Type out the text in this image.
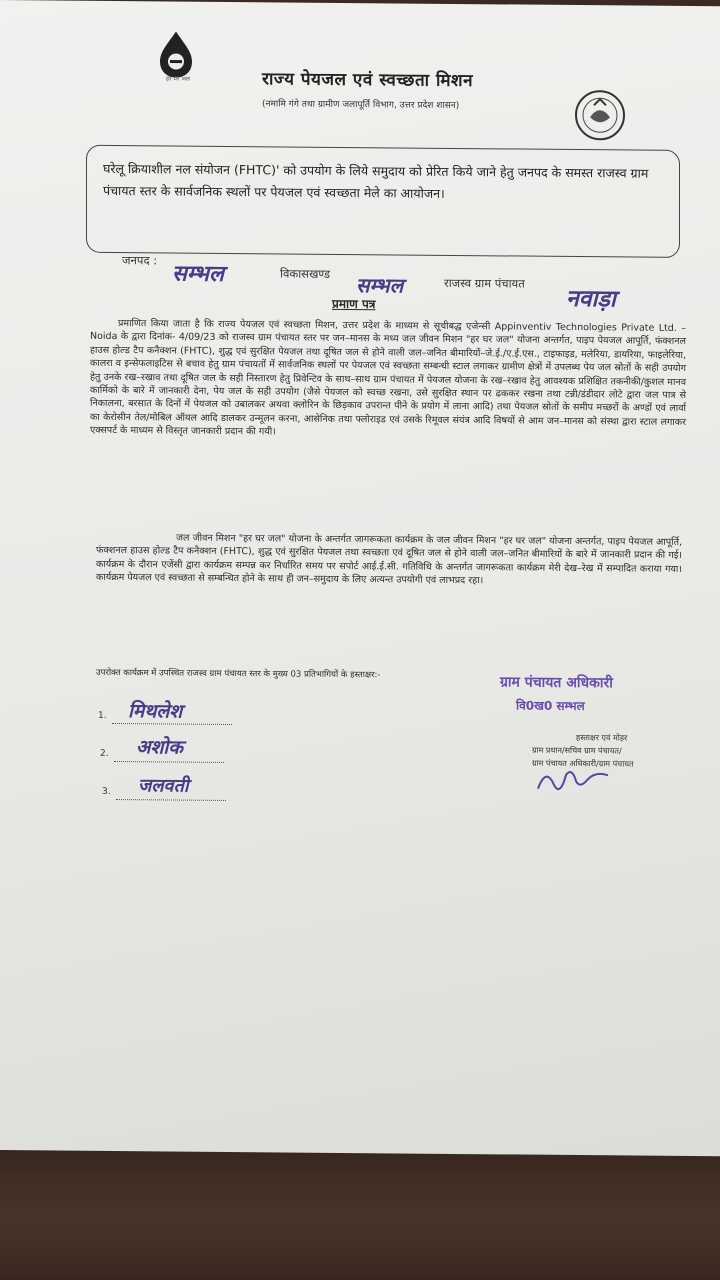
हर घर जल	राज्य पेयजल एवं स्वच्छता मिशन
(नमामि गंगे तथा ग्रामीण जलापूर्ति विभाग, उत्तर प्रदेश शासन)
घरेलू क्रियाशील नल संयोजन (FHTC)' को उपयोग के लिये समुदाय को प्रेरित किये जाने हेतु जनपद के समस्त राजस्व ग्राम पंचायत स्तर के सार्वजनिक स्थलों पर पेयजल एवं स्वच्छता मेले का आयोजन।
जनपद :
सम्भल	विकासखण्ड सम्भल	राजस्व ग्राम पंचायत
नवाड़ा
प्रमाण पत्र
प्रमाणित किया जाता है कि राज्य पेयजल एवं स्वच्छता मिशन, उत्तर प्रदेश के माध्यम से सूचीबद्ध एजेन्सी Appinventiv Technologies Private Ltd. – Noida के द्वारा दिनांक- 4/09/23 को राजस्व ग्राम पंचायत स्तर पर जन–मानस के मध्य जल जीवन मिशन "हर घर जल" योजना अन्तर्गत, पाइप पेयजल आपूर्ति, फंक्शनल हाउस होल्ड टैप कनैक्शन (FHTC), शुद्ध एवं सुरक्षित पेयजल तथा दूषित जल से होने वाली जल–जनित बीमारियों–जे.ई./ए.ई.एस., टाइफाइड, मलेरिया, डायरिया, फाइलेरिया, कालरा व इन्सेफलाइटिस से बचाव हेतु ग्राम पंचायतों में सार्वजनिक स्थलों पर पेयजल एवं स्वच्छता सम्बन्धी स्टाल लगाकर ग्रामीण क्षेत्रों में उपलब्ध पेय जल स्रोतों के सही उपयोग हेतु उनके रख–रखाव तथा दूषित जल के सही निस्तारण हेतु प्रिवेन्टिव के साथ–साथ ग्राम पंचायत में पेयजल योजना के रख–रखाव हेतु आवश्यक प्रशिक्षित तकनीकी/कुशल मानव कार्मिको के बारे में जानकारी देना, पेय जल के सही उपयोग (जैसे पेयजल को स्वच्छ रखना, उसे सुरक्षित स्थान पर ढककर रखना तथा टन्नी/डंडीदार लोटे द्वारा जल पात्र से निकालना, बरसात के दिनों में पेयजल को उबालकर अथवा क्लोरिन के छिड़काव उपरान्त पीने के प्रयोग में लाना आदि) तथा पेयजल स्रोतों के समीप मच्छरों के अण्डों एवं लार्वा का केरोसीन तेल/मोबिल ऑयल आदि डालकर उन्मूलन करना, आसेनिक तथा फ्लोराइड एवं उसके रिमूवल संयंत्र आदि विषयों से आम जन–मानस को संस्था द्वारा स्टाल लगाकर एक्सपर्ट के माध्यम से विस्तृत जानकारी प्रदान की गयी।
जल जीवन मिशन "हर घर जल" योजना के अन्तर्गत जागरूकता कार्यक्रम के जल जीवन मिशन "हर घर जल" योजना अन्तर्गत, पाइप पेयजल आपूर्ति, फंक्शनल हाउस होल्ड टैप कनैक्शन (FHTC), शुद्ध एवं सुरक्षित पेयजल तथा स्वच्छता एवं दूषित जल से होने वाली जल–जनित बीमारियों के बारे में जानकारी प्रदान की गई। कार्यक्रम के दौरान एजेंसी द्वारा कार्यक्रम सम्पन्न कर निर्धारित समय पर सपोर्ट आई.ई.सी. गतिविधि के अन्तर्गत जागरूकता कार्यक्रम मेरी देख–रेख में सम्पादित कराया गया। कार्यक्रम पेयजल एवं स्वच्छता से सम्बन्धित होने के साथ ही जन–समुदाय के लिए अत्यन्त उपयोगी एवं लाभप्रद रहा।
उपरोक्त कार्यक्रम में उपस्थित राजस्व ग्राम पंचायत स्तर के मुख्य 03 प्रतिभागियों के हस्ताक्षर:-
1. मिथलेश
2. अशोक
3. जलवती
ग्राम पंचायत अधिकारी
वि0ख0 सम्भल
हस्ताक्षर एवं मोहर
ग्राम प्रधान/सचिव ग्राम पंचायत/
ग्राम पंचायत अधिकारी/ग्राम पंचायत
